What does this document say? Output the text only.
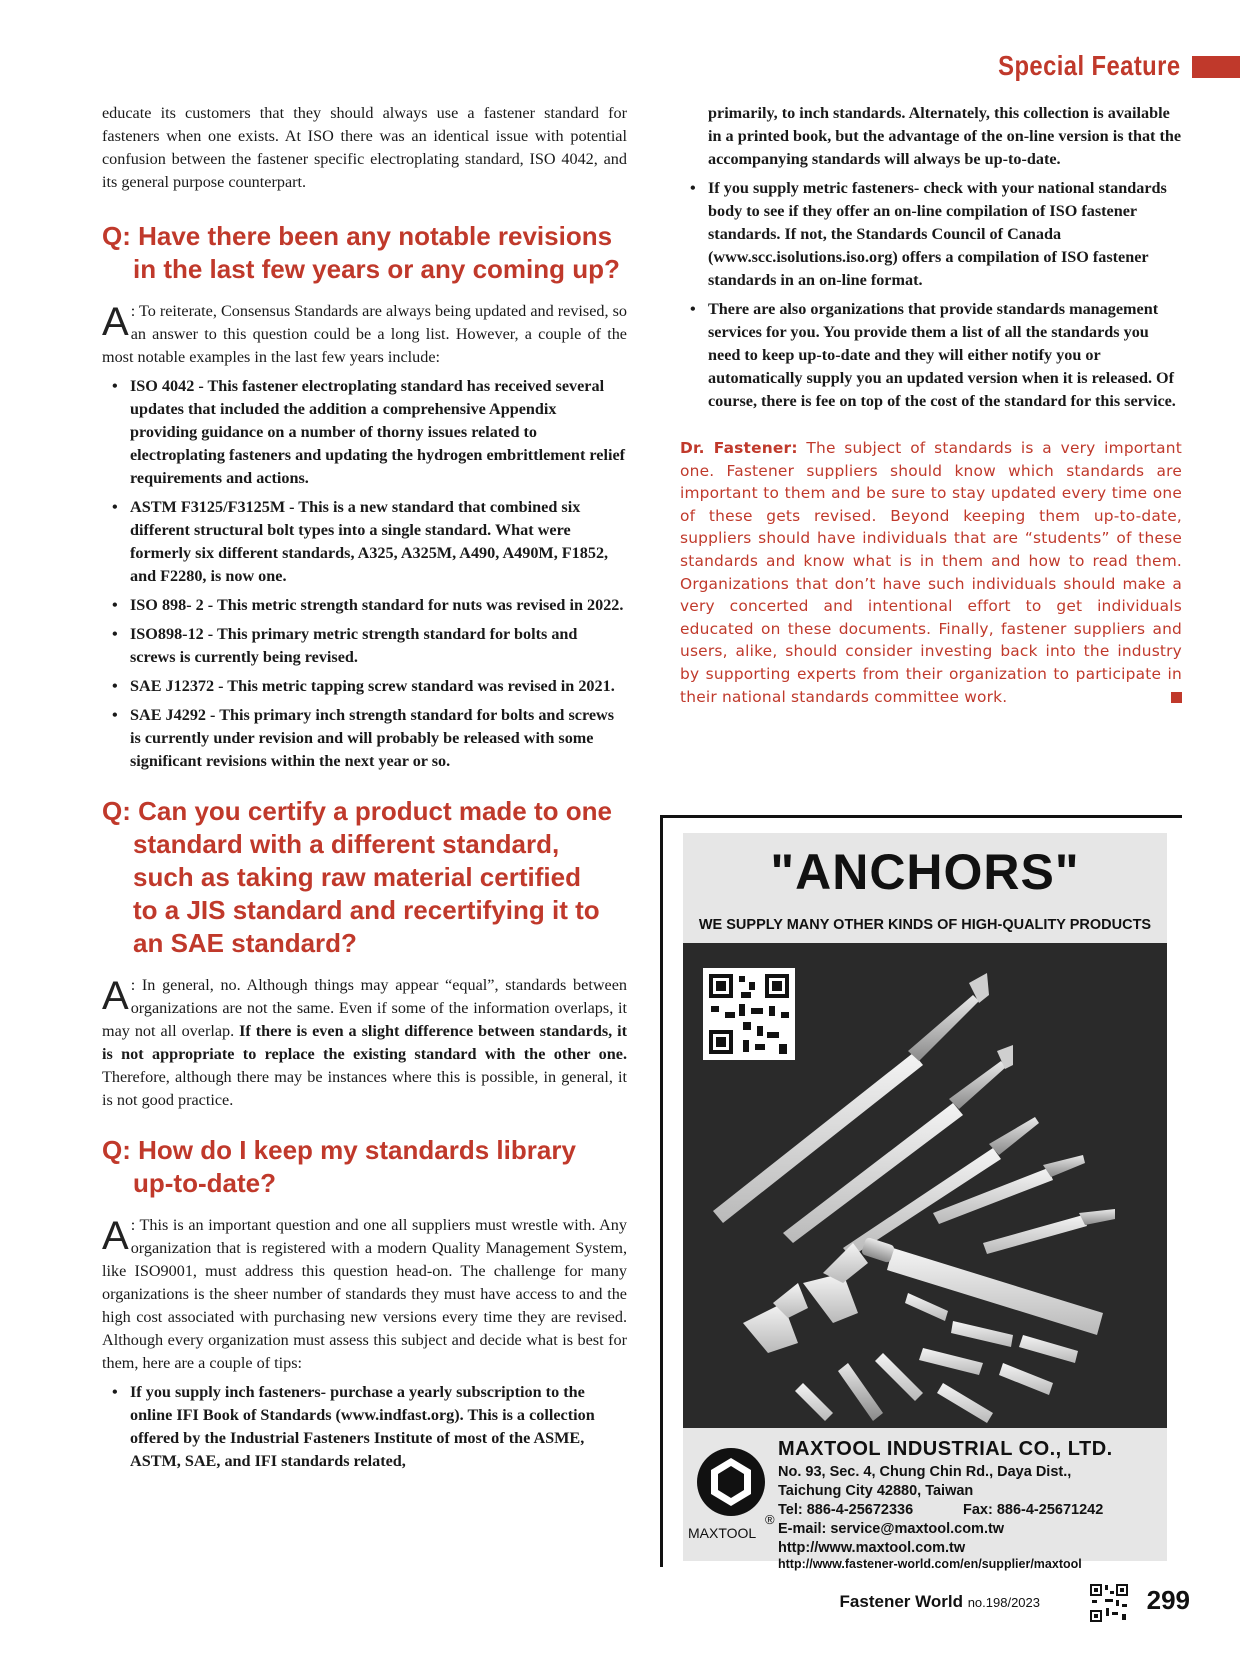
Special Feature

educate its customers that they should always use a fastener standard for fasteners when one exists. At ISO there was an identical issue with potential confusion between the fastener specific electroplating standard, ISO 4042, and its general purpose counterpart.

Q: Have there been any notable revisions
in the last few years or any coming up?
A : To reiterate, Consensus Standards are always being updated and revised, so an answer to this question could be a long list. However, a couple of the most notable examples in the last few years include:
• ISO 4042 - This fastener electroplating standard has received several updates that included the addition a comprehensive Appendix providing guidance on a number of thorny issues related to electroplating fasteners and updating the hydrogen embrittlement relief requirements and actions.
• ASTM F3125/F3125M - This is a new standard that combined six different structural bolt types into a single standard. What were formerly six different standards, A325, A325M, A490, A490M, F1852, and F2280, is now one.
• ISO 898- 2 - This metric strength standard for nuts was revised in 2022.
• ISO898-12 - This primary metric strength standard for bolts and screws is currently being revised.
• SAE J12372 - This metric tapping screw standard was revised in 2021.
• SAE J4292 - This primary inch strength standard for bolts and screws is currently under revision and will probably be released with some significant revisions within the next year or so.
Q: Can you certify a product made to one
standard with a different standard,
such as taking raw material certified
to a JIS standard and recertifying it to
an SAE standard?
A : In general, no. Although things may appear “equal”, standards between organizations are not the same. Even if some of the information overlaps, it may not all overlap. If there is even a slight difference between standards, it is not appropriate to replace the existing standard with the other one. Therefore, although there may be instances where this is possible, in general, it is not good practice.
Q: How do I keep my standards library
up-to-date?
A : This is an important question and one all suppliers must wrestle with. Any organization that is registered with a modern Quality Management System, like ISO9001, must address this question head-on. The challenge for many organizations is the sheer number of standards they must have access to and the high cost associated with purchasing new versions every time they are revised. Although every organization must assess this subject and decide what is best for them, here are a couple of tips:
• If you supply inch fasteners- purchase a yearly subscription to the online IFI Book of Standards (www.indfast.org). This is a collection offered by the Industrial Fasteners Institute of most of the ASME, ASTM, SAE, and IFI standards related,
primarily, to inch standards. Alternately, this collection is available in a printed book, but the advantage of the on-line version is that the accompanying standards will always be up-to-date.
• If you supply metric fasteners- check with your national standards body to see if they offer an on-line compilation of ISO fastener standards. If not, the Standards Council of Canada (www.scc.isolutions.iso.org) offers a compilation of ISO fastener standards in an on-line format.
• There are also organizations that provide standards management services for you. You provide them a list of all the standards you need to keep up-to-date and they will either notify you or automatically supply you an updated version when it is released. Of course, there is fee on top of the cost of the standard for this service.
Dr. Fastener: The subject of standards is a very important one. Fastener suppliers should know which standards are important to them and be sure to stay updated every time one of these gets revised. Beyond keeping them up-to-date, suppliers should have individuals that are “students” of these standards and know what is in them and how to read them. Organizations that don’t have such individuals should make a very concerted and intentional effort to get individuals educated on these documents. Finally, fastener suppliers and users, alike, should consider investing back into the industry by supporting experts from their organization to participate in their national standards committee work.
"ANCHORS"
WE SUPPLY MANY OTHER KINDS OF HIGH-QUALITY PRODUCTS
®
MAXTOOL
MAXTOOL INDUSTRIAL CO., LTD.
No. 93, Sec. 4, Chung Chin Rd., Daya Dist.,
Taichung City 42880, Taiwan
Tel: 886-4-25672336	Fax: 886-4-25671242
E-mail: service@maxtool.com.tw
http://www.maxtool.com.tw
http://www.fastener-world.com/en/supplier/maxtool
Fastener World no.198/2023	299
